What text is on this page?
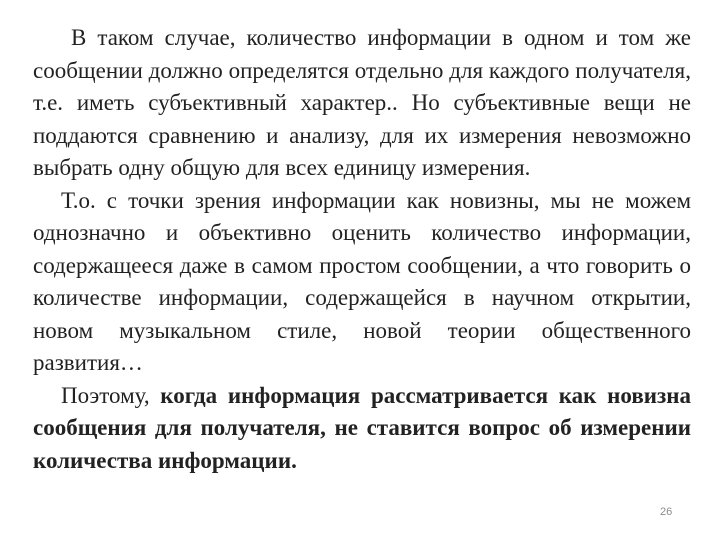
В таком случае, количество информации в одном и том же сообщении должно определятся отдельно для каждого получателя, т.е. иметь субъективный характер.. Но субъективные вещи не поддаются сравнению и анализу, для их измерения невозможно выбрать одну общую для всех единицу измерения.

Т.о. с точки зрения информации как новизны, мы не можем однозначно и объективно оценить количество информации, содержащееся даже в самом простом сообщении, а что говорить о количестве информации, содержащейся в научном открытии, новом музыкальном стиле, новой теории общественного развития…

Поэтому, когда информация рассматривается как новизна сообщения для получателя, не ставится вопрос об измерении количества информации.

26
